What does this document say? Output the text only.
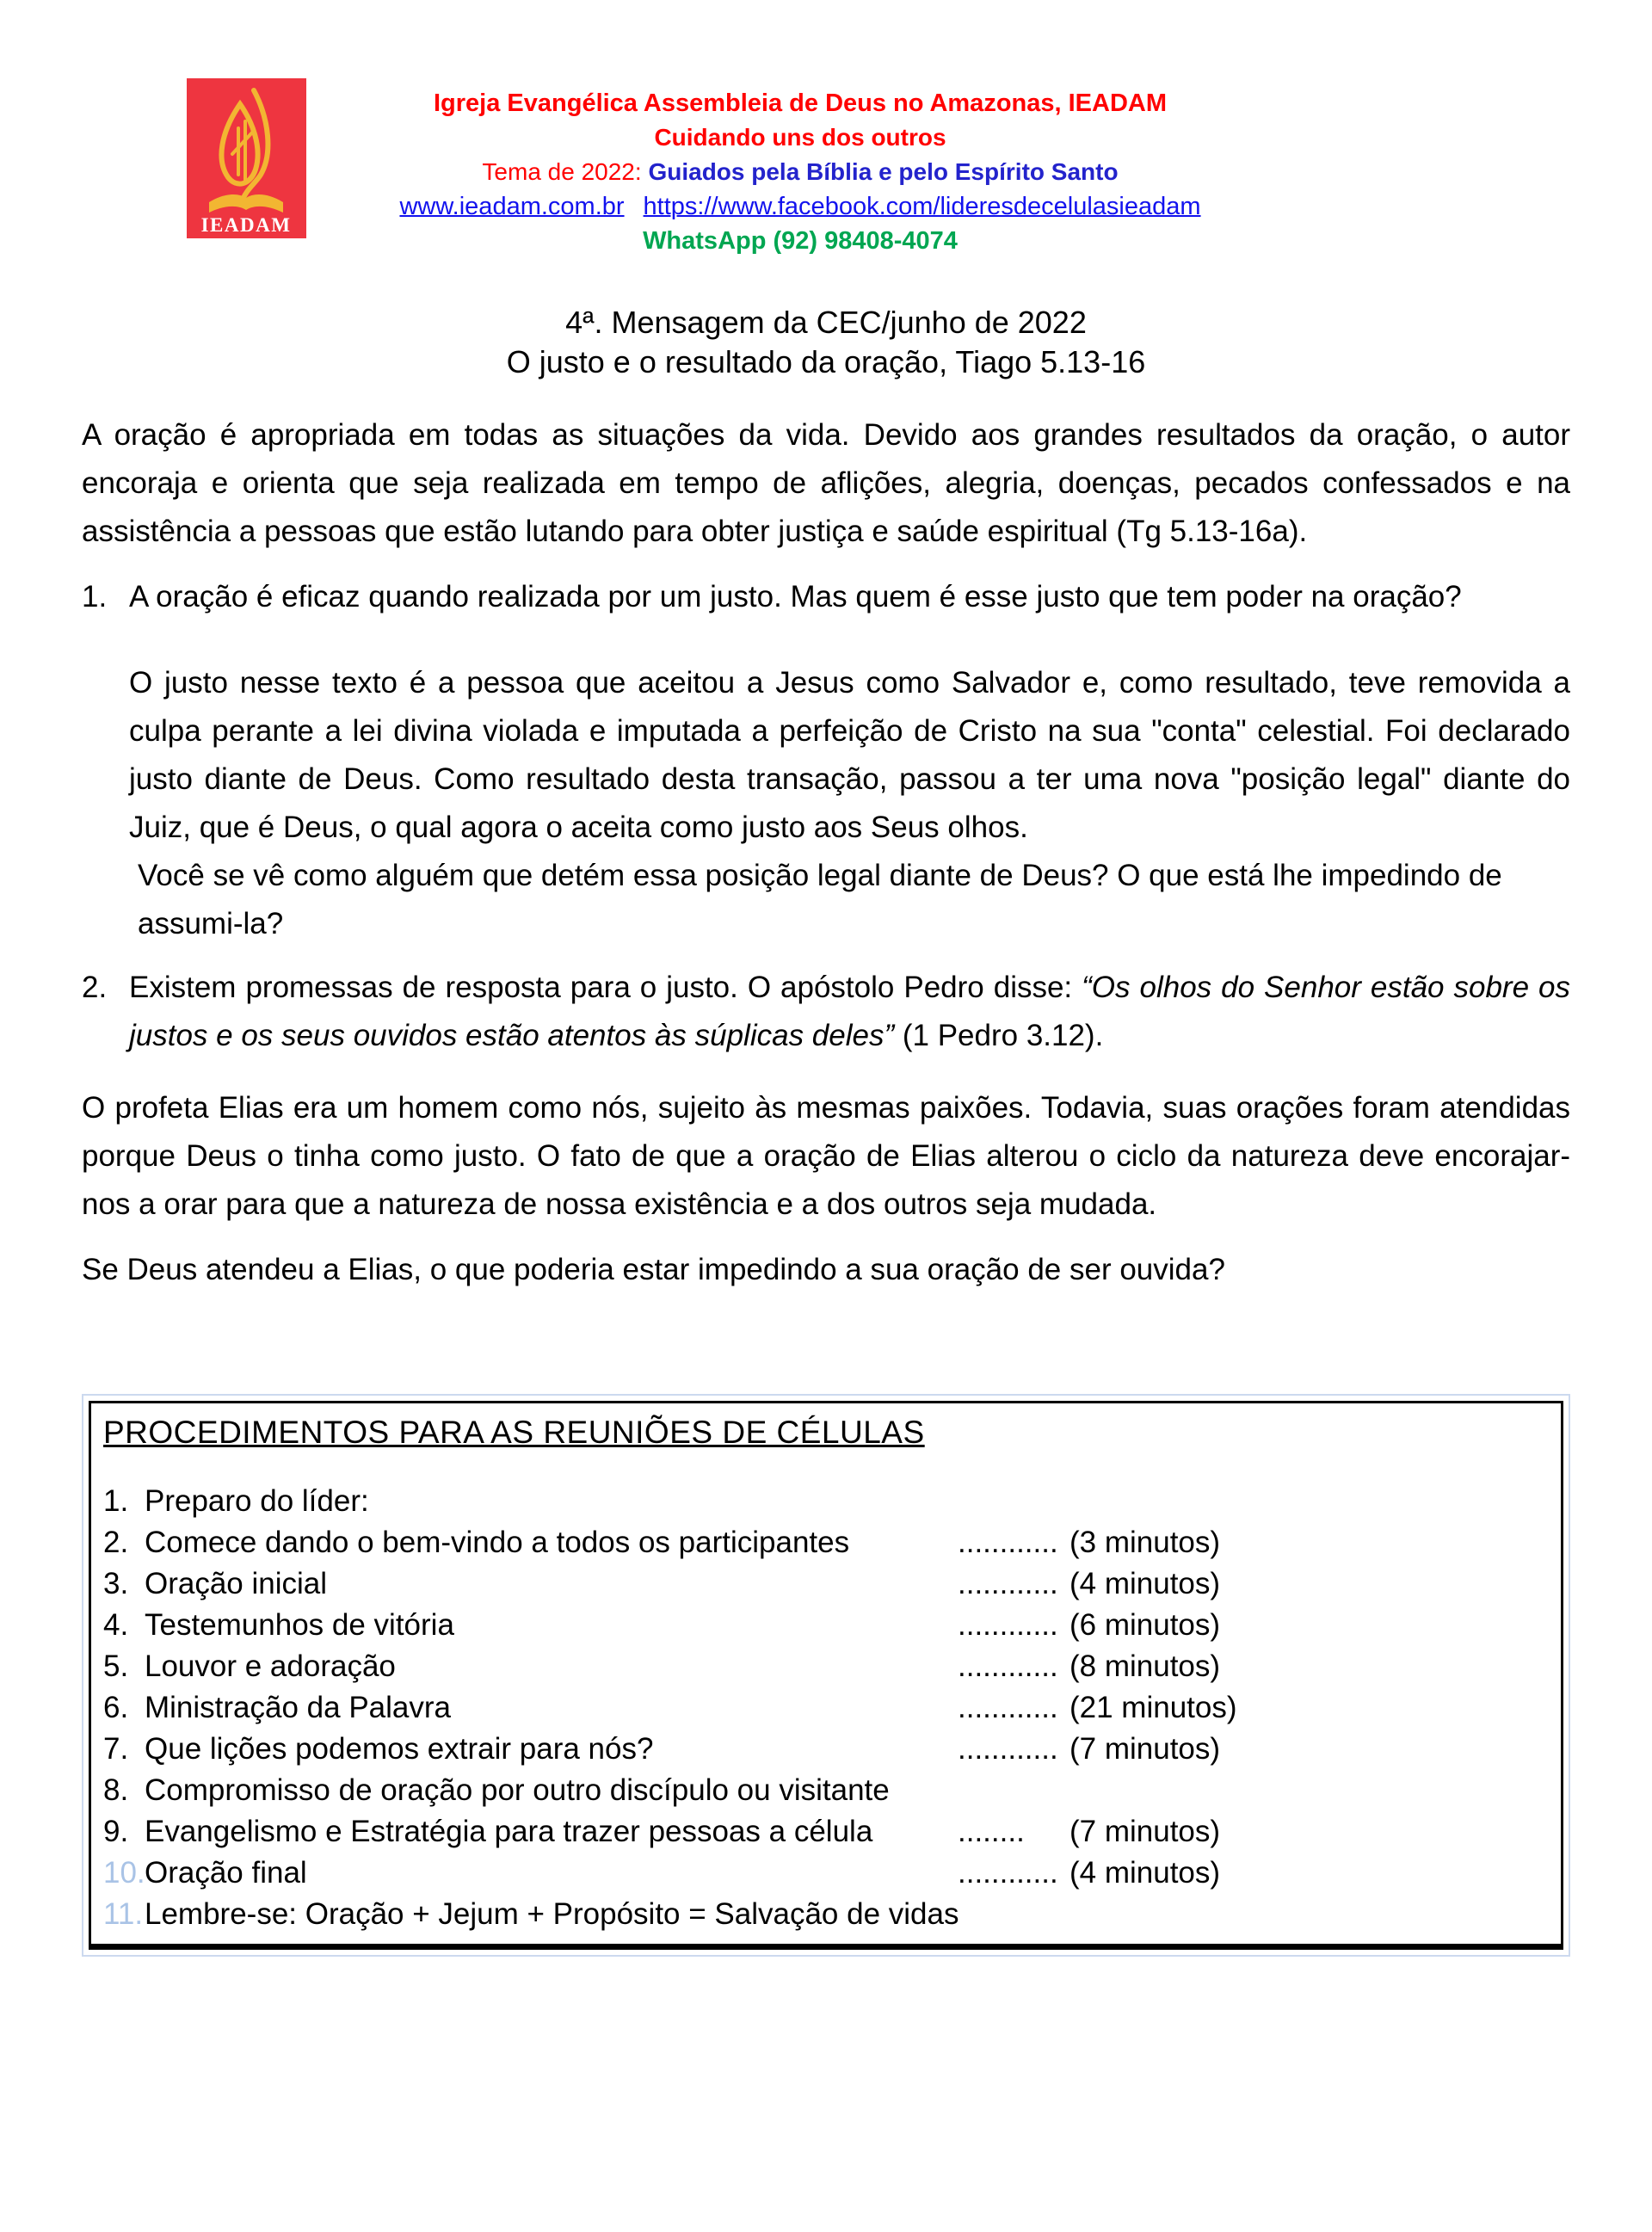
IEADAM
Igreja Evangélica Assembleia de Deus no Amazonas, IEADAM
Cuidando uns dos outros
Tema de 2022: Guiados pela Bíblia e pelo Espírito Santo
www.ieadam.com.br https://www.facebook.com/lideresdecelulasieadam
WhatsApp (92) 98408-4074
4ª. Mensagem da CEC/junho de 2022
O justo e o resultado da oração, Tiago 5.13-16
A oração é apropriada em todas as situações da vida. Devido aos grandes resultados da oração, o autor encoraja e orienta que seja realizada em tempo de aflições, alegria, doenças, pecados confessados e na assistência a pessoas que estão lutando para obter justiça e saúde espiritual (Tg 5.13-16a).
1. A oração é eficaz quando realizada por um justo. Mas quem é esse justo que tem poder na oração?
O justo nesse texto é a pessoa que aceitou a Jesus como Salvador e, como resultado, teve removida a culpa perante a lei divina violada e imputada a perfeição de Cristo na sua "conta" celestial. Foi declarado justo diante de Deus. Como resultado desta transação, passou a ter uma nova "posição legal" diante do Juiz, que é Deus, o qual agora o aceita como justo aos Seus olhos.
Você se vê como alguém que detém essa posição legal diante de Deus? O que está lhe impedindo de assumi-la?
2. Existem promessas de resposta para o justo. O apóstolo Pedro disse: “Os olhos do Senhor estão sobre os justos e os seus ouvidos estão atentos às súplicas deles” (1 Pedro 3.12).
O profeta Elias era um homem como nós, sujeito às mesmas paixões. Todavia, suas orações foram atendidas porque Deus o tinha como justo. O fato de que a oração de Elias alterou o ciclo da natureza deve encorajar-nos a orar para que a natureza de nossa existência e a dos outros seja mudada.
Se Deus atendeu a Elias, o que poderia estar impedindo a sua oração de ser ouvida?
PROCEDIMENTOS PARA AS REUNIÕES DE CÉLULAS
1. Preparo do líder:
2. Comece dando o bem-vindo a todos os participantes	............ (3 minutos)
3. Oração inicial	............ (4 minutos)
4. Testemunhos de vitória	............ (6 minutos)
5. Louvor e adoração	............ (8 minutos)
6. Ministração da Palavra	............ (21 minutos)
7. Que lições podemos extrair para nós?	............ (7 minutos)
8. Compromisso de oração por outro discípulo ou visitante
9. Evangelismo e Estratégia para trazer pessoas a célula	........	(7 minutos)
10. Oração final	............ (4 minutos)
11. Lembre-se: Oração + Jejum + Propósito = Salvação de vidas
